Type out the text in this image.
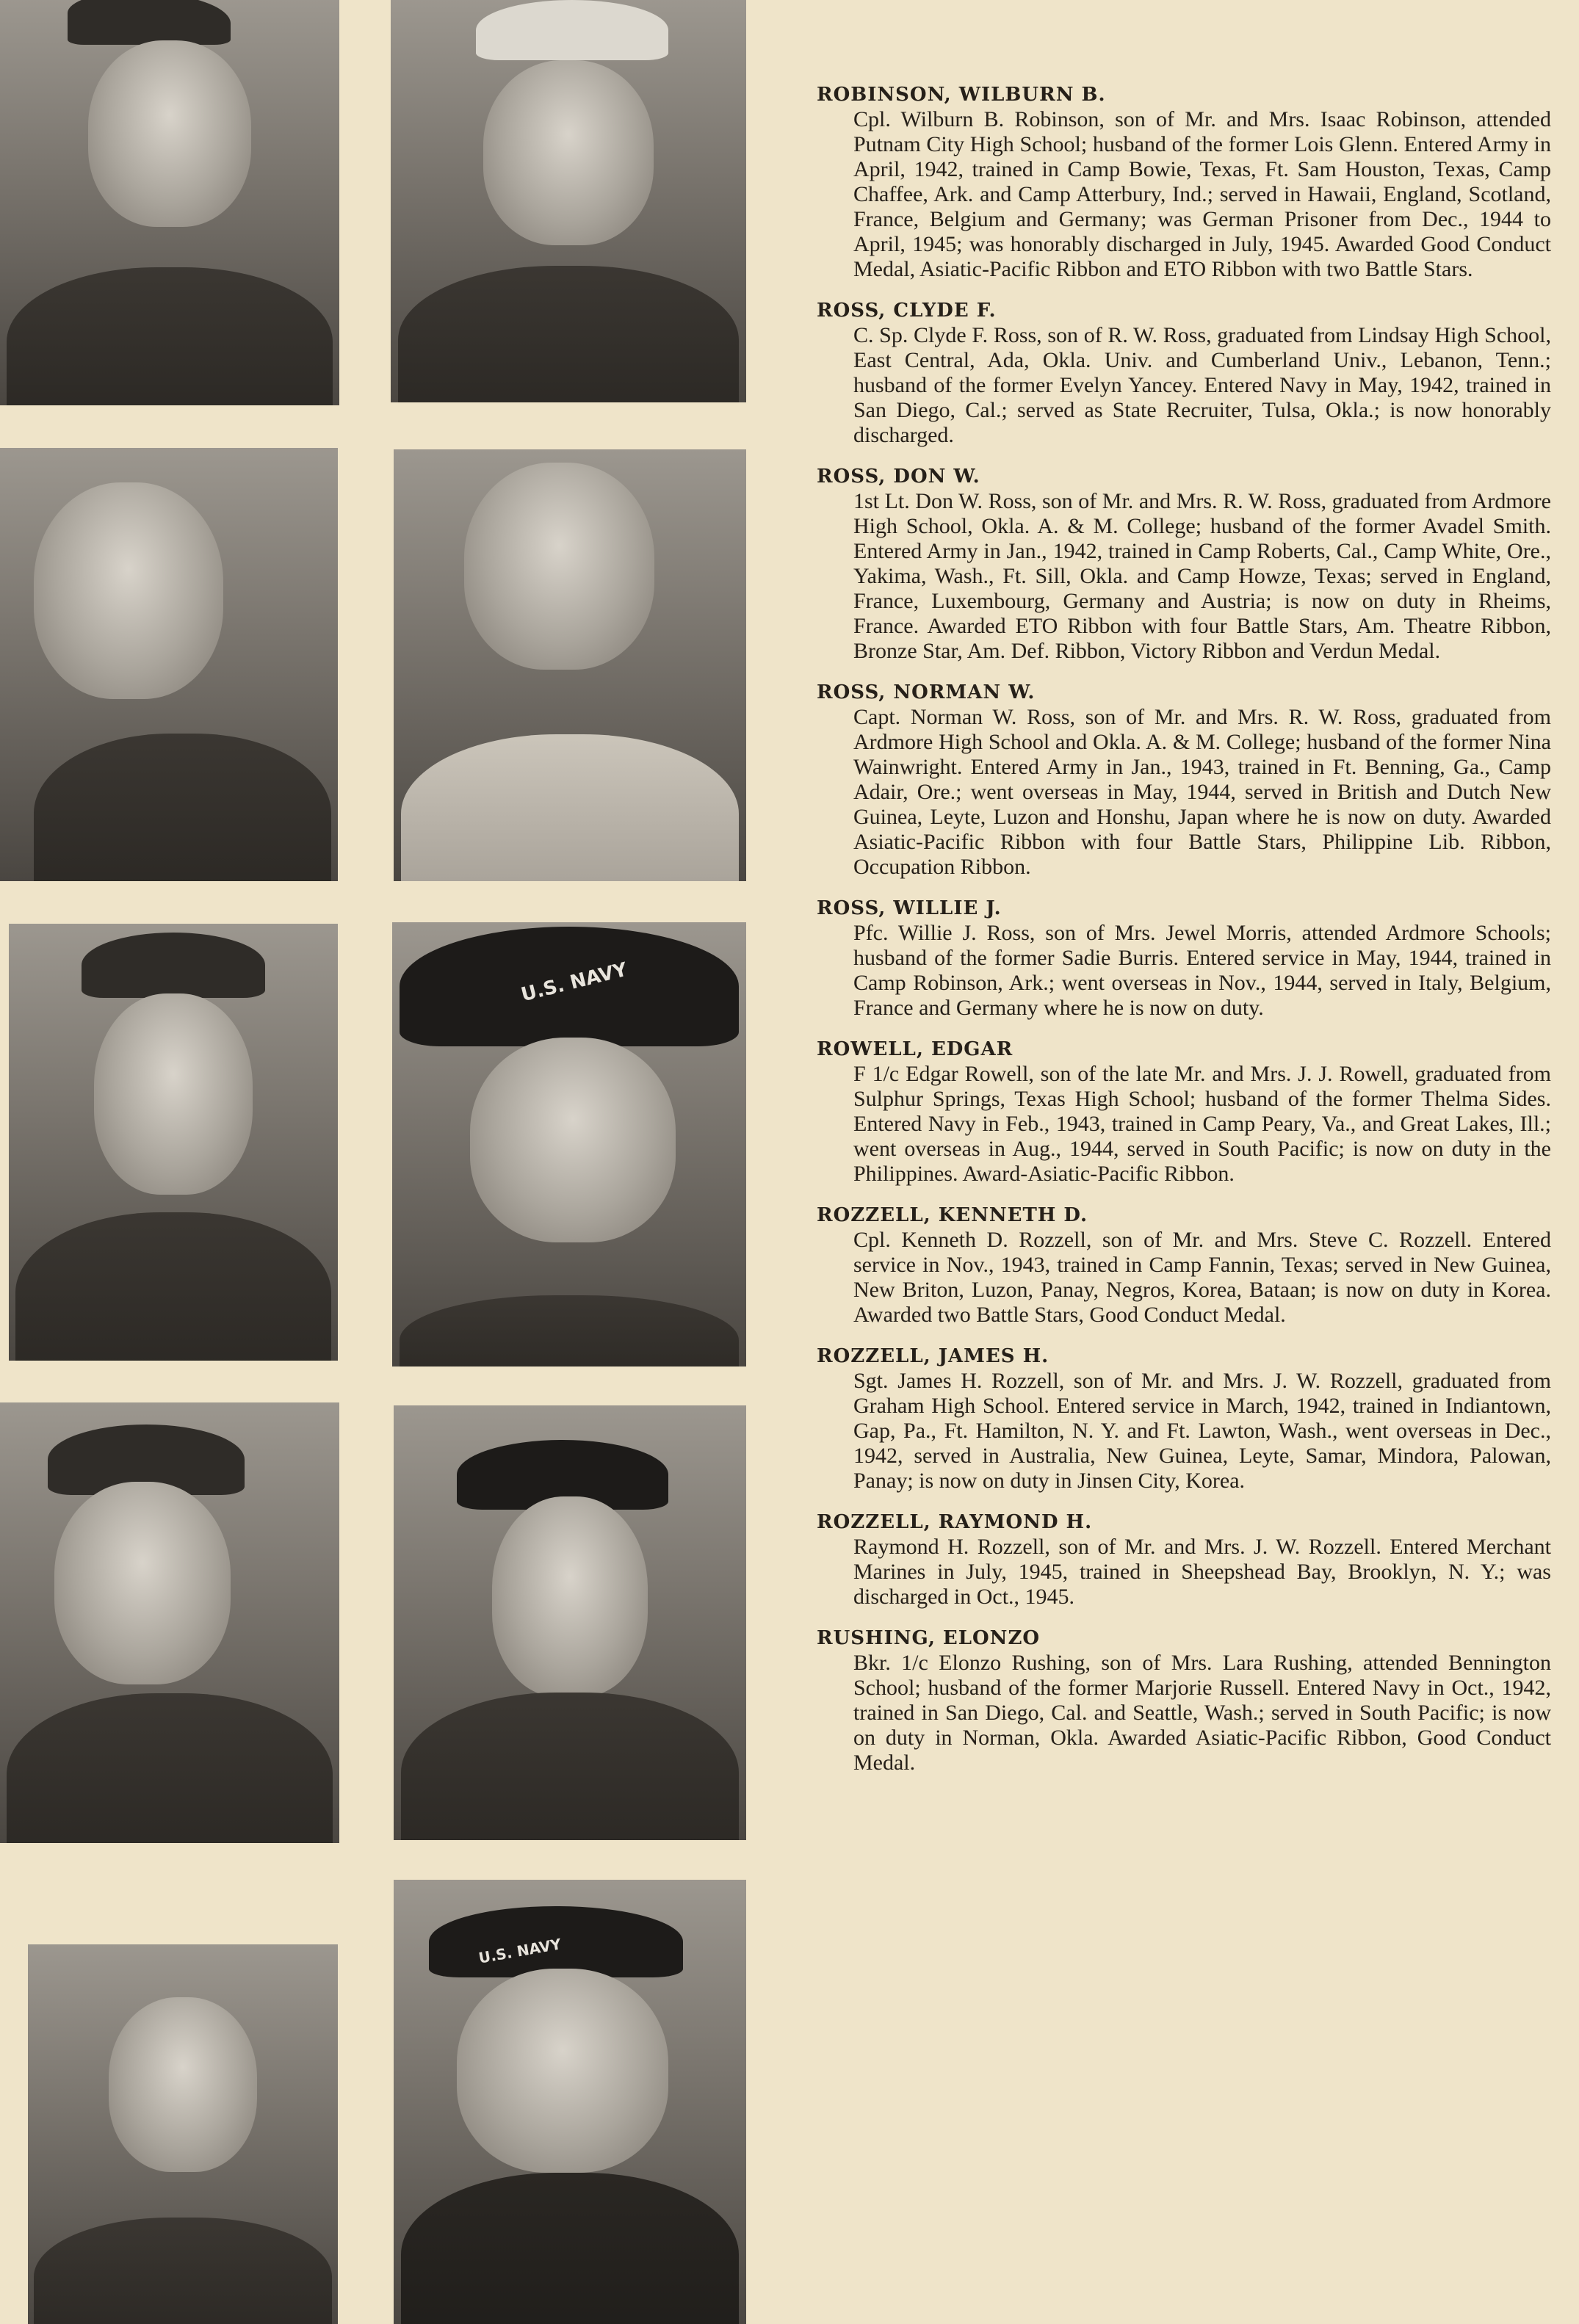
U.S. NAVY
U.S. NAVY
ROBINSON, WILBURN B.
Cpl. Wilburn B. Robinson, son of Mr. and Mrs. Isaac Robinson, attended Putnam City High School; husband of the former Lois Glenn. Entered Army in April, 1942, trained in Camp Bowie, Texas, Ft. Sam Houston, Texas, Camp Chaffee, Ark. and Camp Atterbury, Ind.; served in Hawaii, England, Scotland, France, Belgium and Germany; was German Prisoner from Dec., 1944 to April, 1945; was honorably discharged in July, 1945. Awarded Good Conduct Medal, Asiatic-Pacific Ribbon and ETO Ribbon with two Battle Stars.
ROSS, CLYDE F.
C. Sp. Clyde F. Ross, son of R. W. Ross, graduated from Lindsay High School, East Central, Ada, Okla. Univ. and Cumberland Univ., Lebanon, Tenn.; husband of the former Evelyn Yancey. Entered Navy in May, 1942, trained in San Diego, Cal.; served as State Recruiter, Tulsa, Okla.; is now honorably discharged.
ROSS, DON W.
1st Lt. Don W. Ross, son of Mr. and Mrs. R. W. Ross, graduated from Ardmore High School, Okla. A. & M. College; husband of the former Avadel Smith. Entered Army in Jan., 1942, trained in Camp Roberts, Cal., Camp White, Ore., Yakima, Wash., Ft. Sill, Okla. and Camp Howze, Texas; served in England, France, Luxembourg, Germany and Austria; is now on duty in Rheims, France. Awarded ETO Ribbon with four Battle Stars, Am. Theatre Ribbon, Bronze Star, Am. Def. Ribbon, Victory Ribbon and Verdun Medal.
ROSS, NORMAN W.
Capt. Norman W. Ross, son of Mr. and Mrs. R. W. Ross, graduated from Ardmore High School and Okla. A. & M. College; husband of the former Nina Wainwright. Entered Army in Jan., 1943, trained in Ft. Benning, Ga., Camp Adair, Ore.; went overseas in May, 1944, served in British and Dutch New Guinea, Leyte, Luzon and Honshu, Japan where he is now on duty. Awarded Asiatic-Pacific Ribbon with four Battle Stars, Philippine Lib. Ribbon, Occupation Ribbon.
ROSS, WILLIE J.
Pfc. Willie J. Ross, son of Mrs. Jewel Morris, attended Ardmore Schools; husband of the former Sadie Burris. Entered service in May, 1944, trained in Camp Robinson, Ark.; went overseas in Nov., 1944, served in Italy, Belgium, France and Germany where he is now on duty.
ROWELL, EDGAR
F 1/c Edgar Rowell, son of the late Mr. and Mrs. J. J. Rowell, graduated from Sulphur Springs, Texas High School; husband of the former Thelma Sides. Entered Navy in Feb., 1943, trained in Camp Peary, Va., and Great Lakes, Ill.; went overseas in Aug., 1944, served in South Pacific; is now on duty in the Philippines. Award-Asiatic-Pacific Ribbon.
ROZZELL, KENNETH D.
Cpl. Kenneth D. Rozzell, son of Mr. and Mrs. Steve C. Rozzell. Entered service in Nov., 1943, trained in Camp Fannin, Texas; served in New Guinea, New Briton, Luzon, Panay, Negros, Korea, Bataan; is now on duty in Korea. Awarded two Battle Stars, Good Conduct Medal.
ROZZELL, JAMES H.
Sgt. James H. Rozzell, son of Mr. and Mrs. J. W. Rozzell, graduated from Graham High School. Entered service in March, 1942, trained in Indiantown, Gap, Pa., Ft. Hamilton, N. Y. and Ft. Lawton, Wash., went overseas in Dec., 1942, served in Australia, New Guinea, Leyte, Samar, Mindora, Palowan, Panay; is now on duty in Jinsen City, Korea.
ROZZELL, RAYMOND H.
Raymond H. Rozzell, son of Mr. and Mrs. J. W. Rozzell. Entered Merchant Marines in July, 1945, trained in Sheepshead Bay, Brooklyn, N. Y.; was discharged in Oct., 1945.
RUSHING, ELONZO
Bkr. 1/c Elonzo Rushing, son of Mrs. Lara Rushing, attended Bennington School; husband of the former Marjorie Russell. Entered Navy in Oct., 1942, trained in San Diego, Cal. and Seattle, Wash.; served in South Pacific; is now on duty in Norman, Okla. Awarded Asiatic-Pacific Ribbon, Good Conduct Medal.
